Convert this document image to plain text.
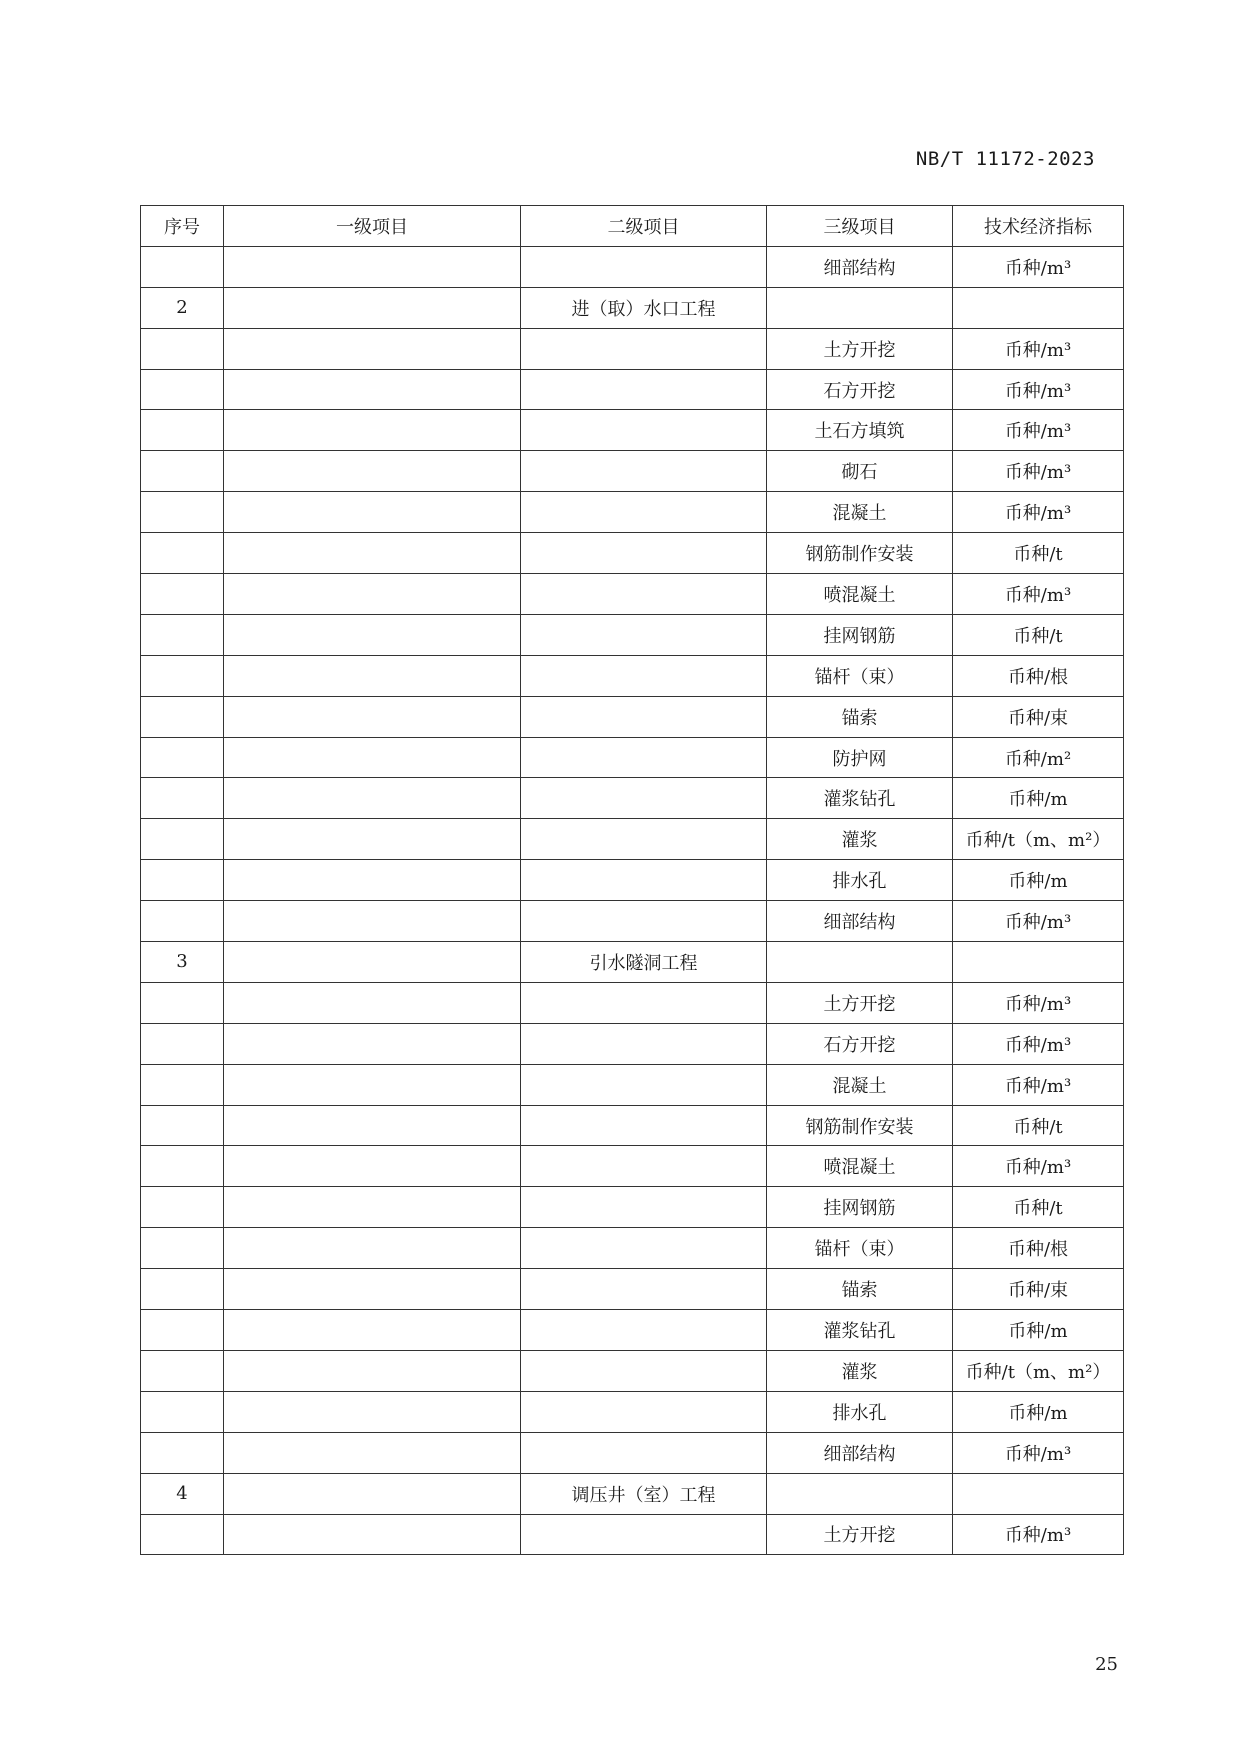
NB/T 11172-2023
序号	一级项目	二级项目	三级项目	技术经济指标
			细部结构	币种/m³
2		进（取）水口工程		
			土方开挖	币种/m³
			石方开挖	币种/m³
			土石方填筑	币种/m³
			砌石	币种/m³
			混凝土	币种/m³
			钢筋制作安装	币种/t
			喷混凝土	币种/m³
			挂网钢筋	币种/t
			锚杆（束）	币种/根
			锚索	币种/束
			防护网	币种/m²
			灌浆钻孔	币种/m
			灌浆	币种/t（m、m²）
			排水孔	币种/m
			细部结构	币种/m³
3		引水隧洞工程		
			土方开挖	币种/m³
			石方开挖	币种/m³
			混凝土	币种/m³
			钢筋制作安装	币种/t
			喷混凝土	币种/m³
			挂网钢筋	币种/t
			锚杆（束）	币种/根
			锚索	币种/束
			灌浆钻孔	币种/m
			灌浆	币种/t（m、m²）
			排水孔	币种/m
			细部结构	币种/m³
4		调压井（室）工程		
			土方开挖	币种/m³
25
